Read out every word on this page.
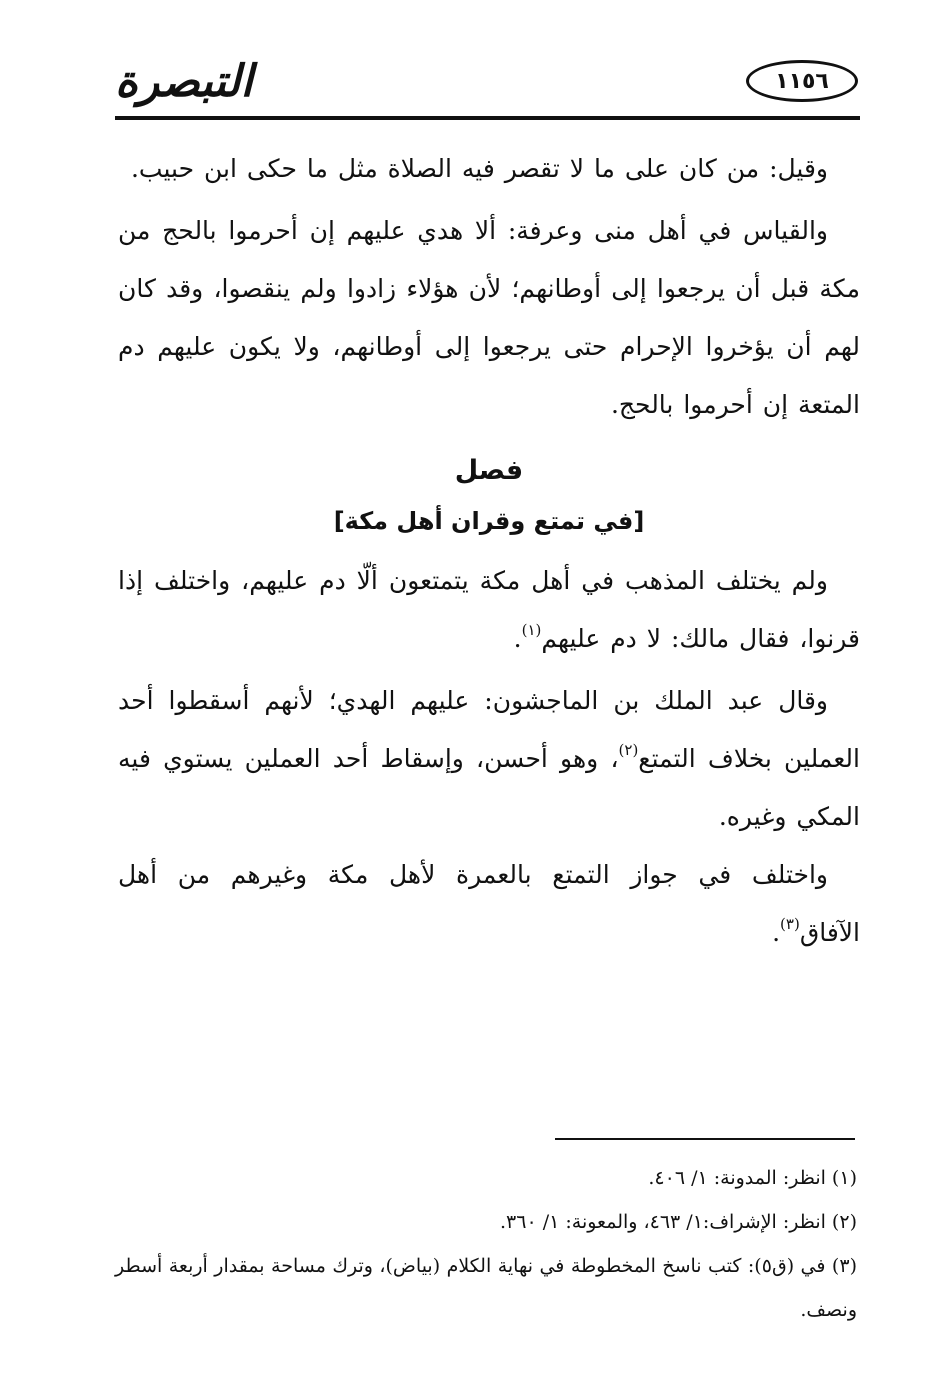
التبصرة	١١٥٦

وقيل: من كان على ما لا تقصر فيه الصلاة مثل ما حكى ابن حبيب.

والقياس في أهل منى وعرفة: ألا هدي عليهم إن أحرموا بالحج من مكة قبل أن يرجعوا إلى أوطانهم؛ لأن هؤلاء زادوا ولم ينقصوا، وقد كان لهم أن يؤخروا الإحرام حتى يرجعوا إلى أوطانهم، ولا يكون عليهم دم المتعة إن أحرموا بالحج.

فصل

[في تمتع وقران أهل مكة]

ولم يختلف المذهب في أهل مكة يتمتعون ألّا دم عليهم، واختلف إذا قرنوا، فقال مالك: لا دم عليهم$^{(١)}$.

وقال عبد الملك بن الماجشون: عليهم الهدي؛ لأنهم أسقطوا أحد العملين بخلاف التمتع$^{(٢)}$، وهو أحسن، وإسقاط أحد العملين يستوي فيه المكي وغيره.

واختلف في جواز التمتع بالعمرة لأهل مكة وغيرهم من أهل الآفاق$^{(٣)}$.

(١) انظر: المدونة: ١/ ٤٠٦.

(٢) انظر: الإشراف:١/ ٤٦٣، والمعونة: ١/ ٣٦٠.

(٣) في (ق٥): كتب ناسخ المخطوطة في نهاية الكلام (بياض)، وترك مساحة بمقدار أربعة أسطر ونصف.
